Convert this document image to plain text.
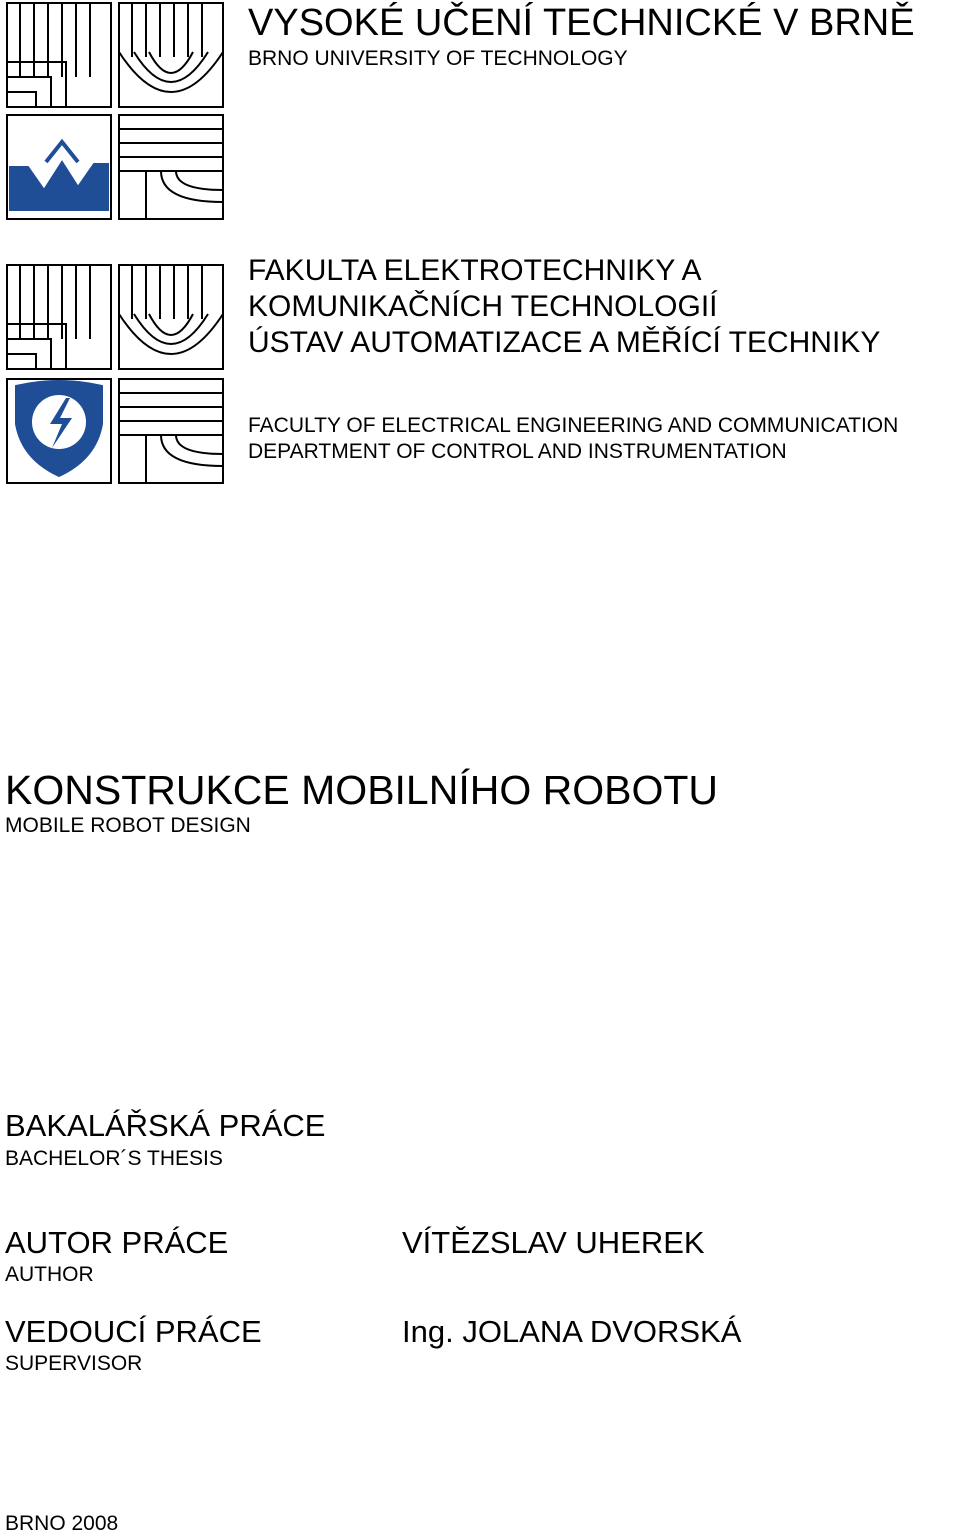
VYSOKÉ UČENÍ TECHNICKÉ V BRNĚ
BRNO UNIVERSITY OF TECHNOLOGY
FAKULTA ELEKTROTECHNIKY A
KOMUNIKAČNÍCH TECHNOLOGIÍ
ÚSTAV AUTOMATIZACE A MĚŘÍCÍ TECHNIKY
FACULTY OF ELECTRICAL ENGINEERING AND COMMUNICATION
DEPARTMENT OF CONTROL AND INSTRUMENTATION
KONSTRUKCE MOBILNÍHO ROBOTU
MOBILE ROBOT DESIGN
BAKALÁŘSKÁ PRÁCE
BACHELOR´S THESIS
AUTOR PRÁCE
AUTHOR
VÍTĚZSLAV UHEREK
VEDOUCÍ PRÁCE
SUPERVISOR
Ing. JOLANA DVORSKÁ
BRNO 2008
